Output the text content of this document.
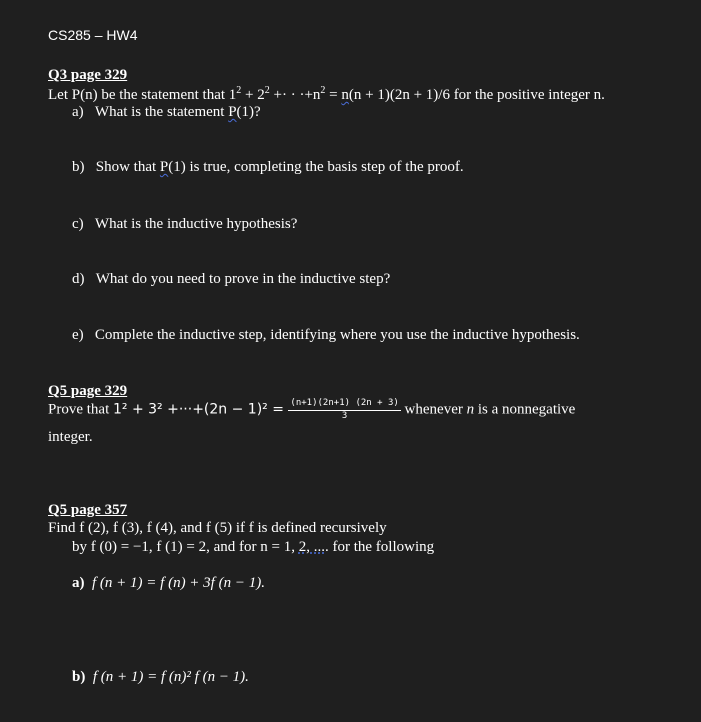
CS285 – HW4
Q3 page 329
Let P(n) be the statement that $1^2 + 2^2$ +· · $\cdot+n^2 = n(n + 1)(2n + 1)/6$ for the positive integer n.
a) What is the statement P(1)?
b) Show that P(1) is true, completing the basis step of the proof.
c) What is the inductive hypothesis?
d) What do you need to prove in the inductive step?
e) Complete the inductive step, identifying where you use the inductive hypothesis.
Q5 page 329
Prove that $1^2 + 3^2 +\cdot\cdot\cdot+(2n - 1)^2 = \frac{(n+1)(2n+1) (2n + 3)}{3}$ whenever n is a nonnegative
integer.
Q5 page 357
Find f (2), f (3), f (4), and f (5) if f is defined recursively
by f (0) = −1, f (1) = 2, and for n = 1, 2, .... for the following
a) f (n + 1) = f (n) + 3f (n − 1).
b) f (n + 1) = f (n)² f (n − 1).
